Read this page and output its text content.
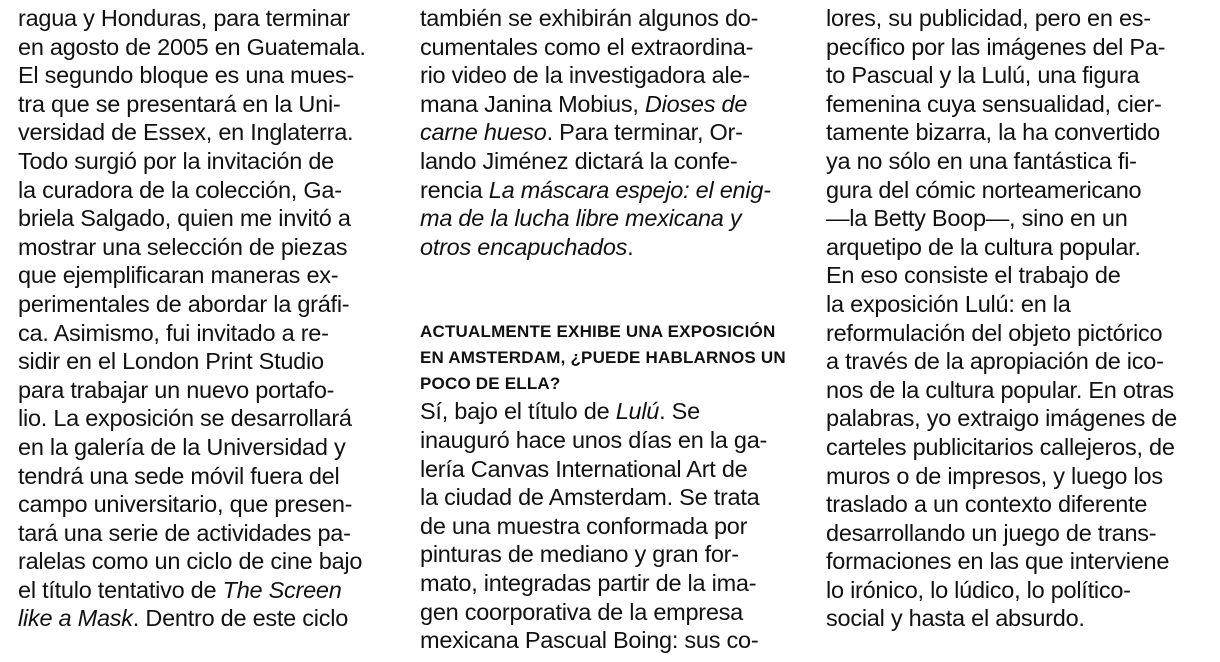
ragua y Honduras, para terminar
en agosto de 2005 en Guatemala.
El segundo bloque es una mues-
tra que se presentará en la Uni-
versidad de Essex, en Inglaterra.
Todo surgió por la invitación de
la curadora de la colección, Ga-
briela Salgado, quien me invitó a
mostrar una selección de piezas
que ejemplificaran maneras ex-
perimentales de abordar la gráfi-
ca. Asimismo, fui invitado a re-
sidir en el London Print Studio
para trabajar un nuevo portafo-
lio. La exposición se desarrollará
en la galería de la Universidad y
tendrá una sede móvil fuera del
campo universitario, que presen-
tará una serie de actividades pa-
ralelas como un ciclo de cine bajo
el título tentativo de The Screen
like a Mask. Dentro de este ciclo
también se exhibirán algunos do-
cumentales como el extraordina-
rio video de la investigadora ale-
mana Janina Mobius, Dioses de
carne hueso. Para terminar, Or-
lando Jiménez dictará la confe-
rencia La máscara espejo: el enig-
ma de la lucha libre mexicana y
otros encapuchados.
ACTUALMENTE EXHIBE UNA EXPOSICIÓN
EN AMSTERDAM, ¿PUEDE HABLARNOS UN
POCO DE ELLA?
Sí, bajo el título de Lulú. Se
inauguró hace unos días en la ga-
lería Canvas International Art de
la ciudad de Amsterdam. Se trata
de una muestra conformada por
pinturas de mediano y gran for-
mato, integradas partir de la ima-
gen coorporativa de la empresa
mexicana Pascual Boing: sus co-
lores, su publicidad, pero en es-
pecífico por las imágenes del Pa-
to Pascual y la Lulú, una figura
femenina cuya sensualidad, cier-
tamente bizarra, la ha convertido
ya no sólo en una fantástica fi-
gura del cómic norteamericano
—la Betty Boop—, sino en un
arquetipo de la cultura popular.
En eso consiste el trabajo de
la exposición Lulú: en la
reformulación del objeto pictórico
a través de la apropiación de ico-
nos de la cultura popular. En otras
palabras, yo extraigo imágenes de
carteles publicitarios callejeros, de
muros o de impresos, y luego los
traslado a un contexto diferente
desarrollando un juego de trans-
formaciones en las que interviene
lo irónico, lo lúdico, lo político-
social y hasta el absurdo.
